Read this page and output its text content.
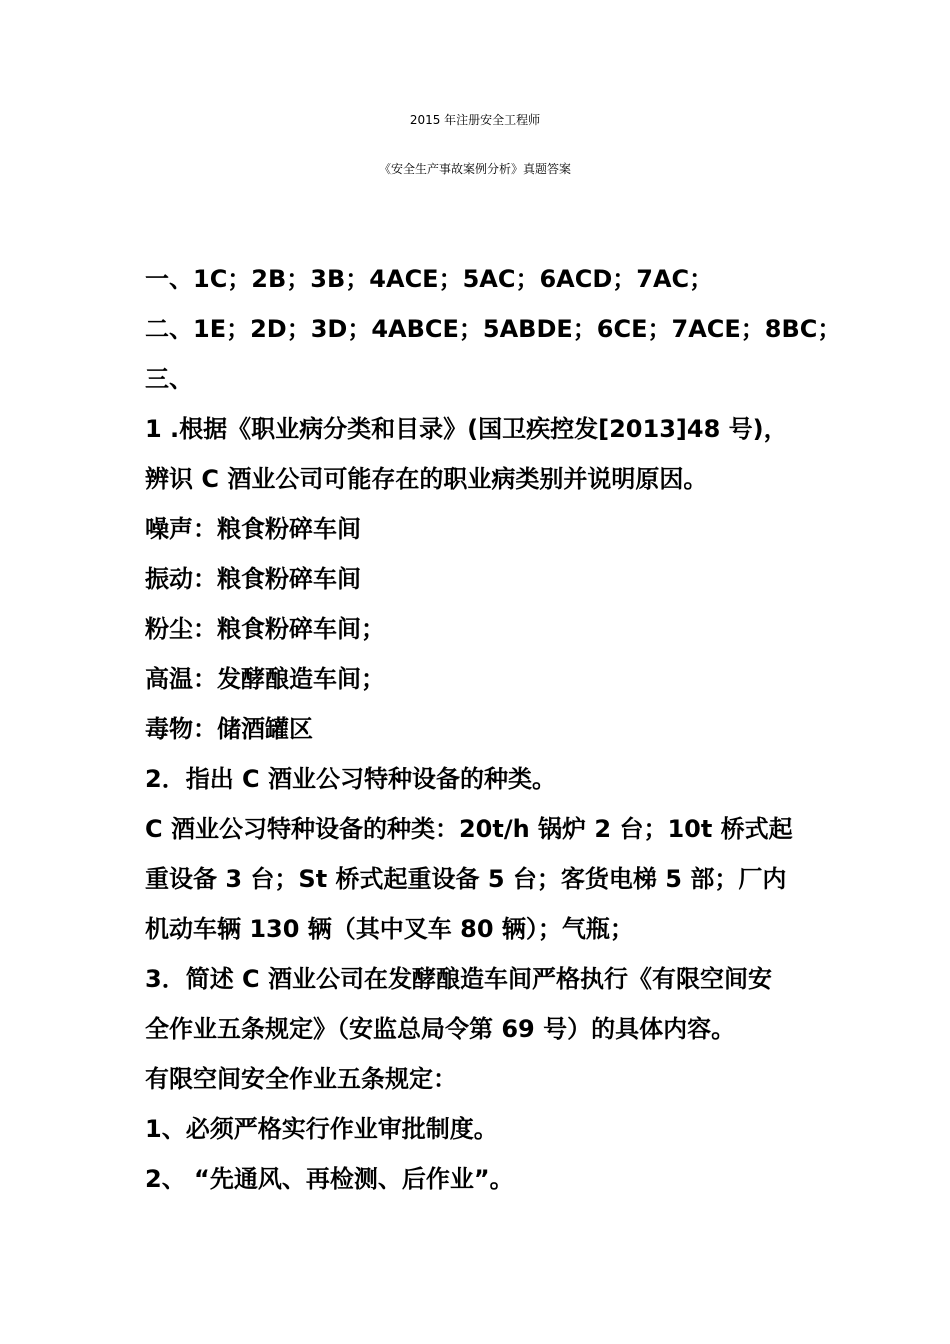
2015 年注册安全工程师
《安全生产事故案例分析》真题答案
一、1C；2B；3B；4ACE；5AC；6ACD；7AC；
二、1E；2D；3D；4ABCE；5ABDE；6CE；7ACE；8BC；
三、
1 .根据《职业病分类和目录》(国卫疾控发[2013]48 号)，
辨识 C 酒业公司可能存在的职业病类别并说明原因。
噪声：粮食粉碎车间
振动：粮食粉碎车间
粉尘：粮食粉碎车间；
高温：发酵酿造车间；
毒物：储酒罐区
2．指出 C 酒业公习特种设备的种类。
C 酒业公习特种设备的种类：20t/h 锅炉 2 台；10t 桥式起
重设备 3 台；St 桥式起重设备 5 台；客货电梯 5 部；厂内
机动车辆 130 辆（其中叉车 80 辆）；气瓶；
3．简述 C 酒业公司在发酵酿造车间严格执行《有限空间安
全作业五条规定》（安监总局令第 69 号）的具体内容。
有限空间安全作业五条规定：
1、必须严格实行作业审批制度。
2、 “先通风、再检测、后作业”。
